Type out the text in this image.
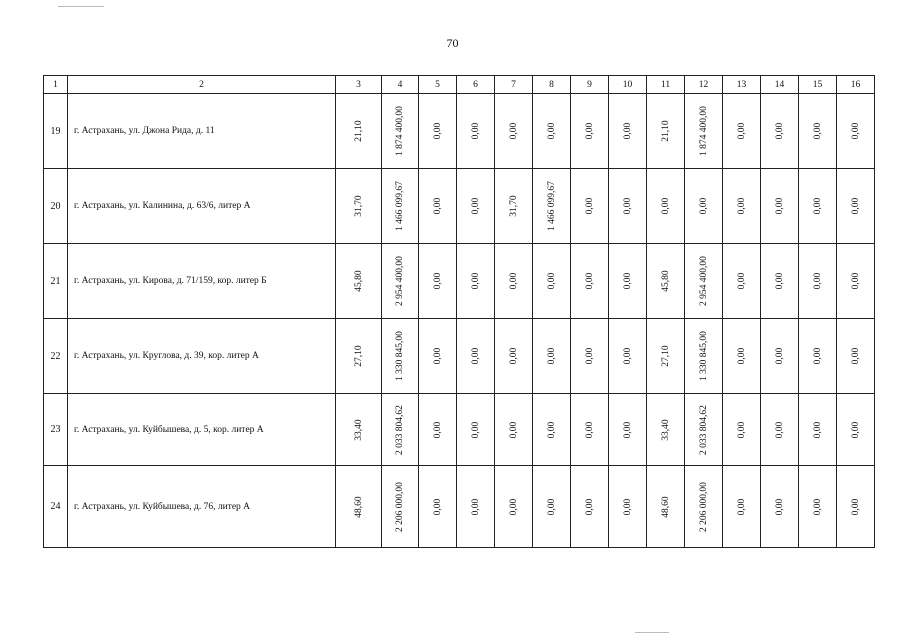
70
1	2	3	4	5	6	7	8	9	10	11	12	13	14	15	16
19	г. Астрахань, ул. Джона Рида, д. 11	21,10	1 874 400,00	0,00	0,00	0,00	0,00	0,00	0,00	21,10	1 874 400,00	0,00	0,00	0,00	0,00

20	г. Астрахань, ул. Калинина, д. 63/6, литер А	31,70	1 466 099,67	0,00	0,00	31,70	1 466 099,67	0,00	0,00	0,00	0,00	0,00	0,00	0,00	0,00

21	г. Астрахань, ул. Кирова, д. 71/159, кор. литер Б	45,80	2 954 400,00	0,00	0,00	0,00	0,00	0,00	0,00	45,80	2 954 400,00	0,00	0,00	0,00	0,00

22	г. Астрахань, ул. Круглова, д. 39, кор. литер А	27,10	1 330 845,00	0,00	0,00	0,00	0,00	0,00	0,00	27,10	1 330 845,00	0,00	0,00	0,00	0,00

23	г. Астрахань, ул. Куйбышева, д. 5, кор. литер А	33,40	2 033 804,62	0,00	0,00	0,00	0,00	0,00	0,00	33,40	2 033 804,62	0,00	0,00	0,00	0,00

24	г. Астрахань, ул. Куйбышева, д. 76, литер А	48,60	2 206 000,00	0,00	0,00	0,00	0,00	0,00	0,00	48,60	2 206 000,00	0,00	0,00	0,00	0,00
